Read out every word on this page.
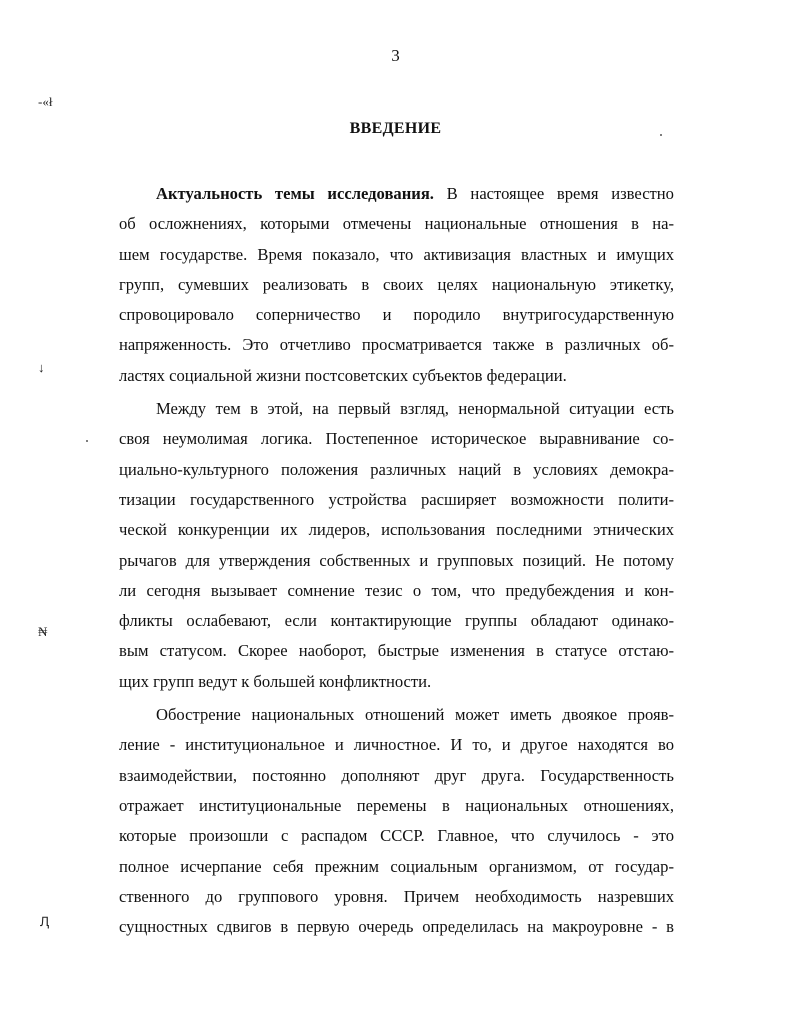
3
ВВЕДЕНИЕ
-«ł
↓
₦
Ԯ
Актуальность темы исследования. В настоящее время известно
об осложнениях, которыми отмечены национальные отношения в на-
шем государстве. Время показало, что активизация властных и имущих
групп, сумевших реализовать в своих целях национальную этикетку,
спровоцировало соперничество и породило внутригосударственную
напряженность. Это отчетливо просматривается также в различных об-
ластях социальной жизни постсоветских субъектов федерации.
Между тем в этой, на первый взгляд, ненормальной ситуации есть
своя неумолимая логика. Постепенное историческое выравнивание со-
циально-культурного положения различных наций в условиях демокра-
тизации государственного устройства расширяет возможности полити-
ческой конкуренции их лидеров, использования последними этнических
рычагов для утверждения собственных и групповых позиций. Не потому
ли сегодня вызывает сомнение тезис о том, что предубеждения и кон-
фликты ослабевают, если контактирующие группы обладают одинако-
вым статусом. Скорее наоборот, быстрые изменения в статусе отстаю-
щих групп ведут к большей конфликтности.
Обострение национальных отношений может иметь двоякое прояв-
ление - институциональное и личностное. И то, и другое находятся во
взаимодействии, постоянно дополняют друг друга. Государственность
отражает институциональные перемены в национальных отношениях,
которые произошли с распадом СССР. Главное, что случилось - это
полное исчерпание себя прежним социальным организмом, от государ-
ственного до группового уровня. Причем необходимость назревших
сущностных сдвигов в первую очередь определилась на макроуровне - в
